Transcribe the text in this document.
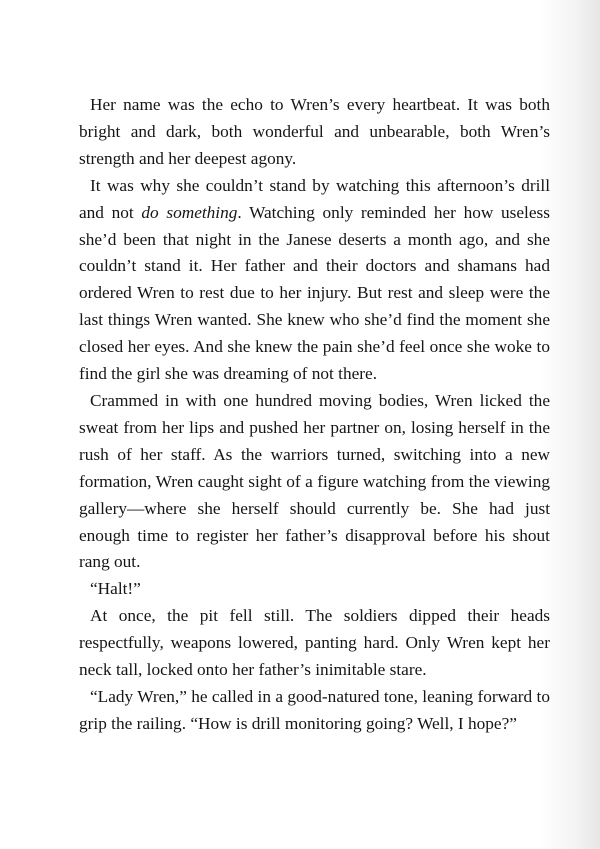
Her name was the echo to Wren’s every heartbeat. It was both bright and dark, both wonderful and unbearable, both Wren’s strength and her deepest agony.

It was why she couldn’t stand by watching this afternoon’s drill and not do something. Watching only reminded her how useless she’d been that night in the Janese deserts a month ago, and she couldn’t stand it. Her father and their doctors and shamans had ordered Wren to rest due to her injury. But rest and sleep were the last things Wren wanted. She knew who she’d find the moment she closed her eyes. And she knew the pain she’d feel once she woke to find the girl she was dreaming of not there.

Crammed in with one hundred moving bodies, Wren licked the sweat from her lips and pushed her partner on, losing herself in the rush of her staff. As the warriors turned, switching into a new formation, Wren caught sight of a figure watching from the viewing gallery—where she herself should currently be. She had just enough time to register her father’s disapproval before his shout rang out.

“Halt!”

At once, the pit fell still. The soldiers dipped their heads respectfully, weapons lowered, panting hard. Only Wren kept her neck tall, locked onto her father’s inimitable stare.

“Lady Wren,” he called in a good-natured tone, leaning forward to grip the railing. “How is drill monitoring going? Well, I hope?”
